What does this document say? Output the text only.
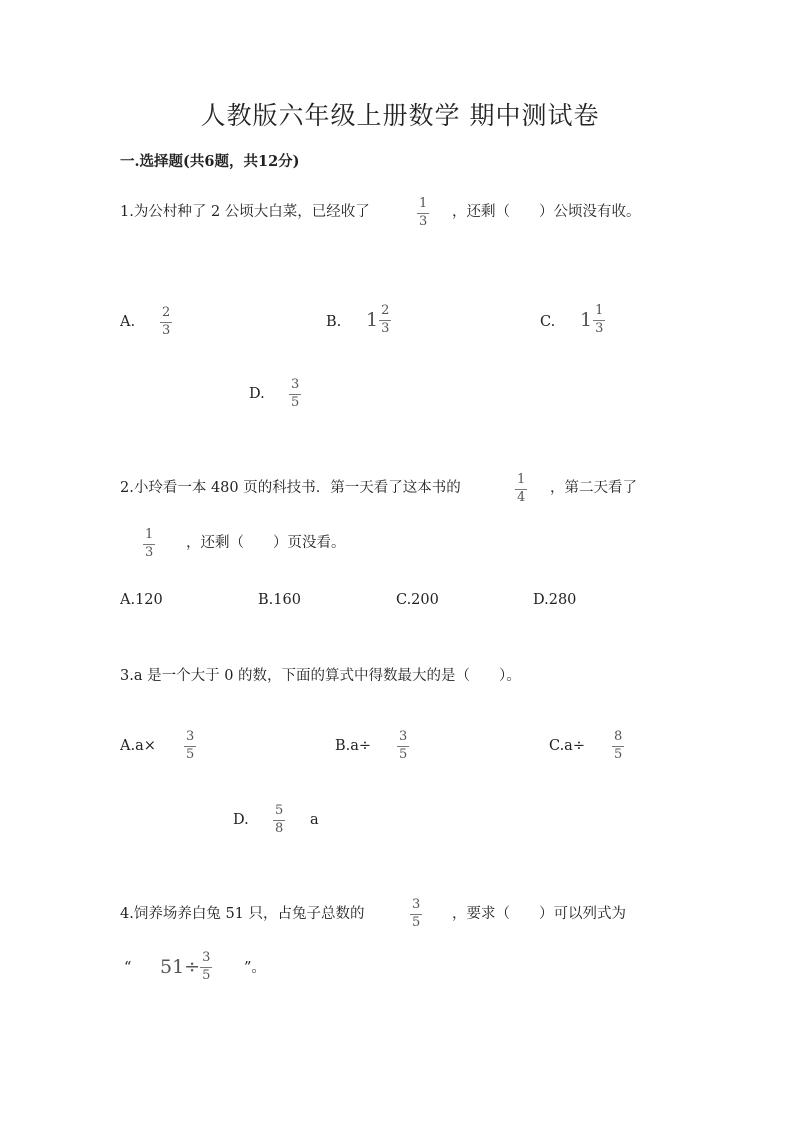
人教版六年级上册数学 期中测试卷
一.选择题(共6题，共12分)
1.为公村种了 2 公顷大白菜，已经收了	$\frac{1}{3}$ ，还剩（　　）公顷没有收。
A. $\frac{2}{3}$	B. $1 \frac{2}{3}$	C. $1 \frac{1}{3}$
D. $\frac{3}{5}$
2.小玲看一本 480 页的科技书．第一天看了这本书的	$\frac{1}{4}$ ，第二天看了
$\frac{1}{3}$ ，还剩（　　）页没看。
A.120	B.160	C.200	D.280
3.a 是一个大于 0 的数，下面的算式中得数最大的是（　　）。
$A.a\times \frac{3}{5}$	$B.a\div \frac{3}{5}$	$C.a\div \frac{8}{5}$
D. $\frac{5}{8}$ a
4.饲养场养白兔 51 只，占兔子总数的	$\frac{3}{5}$ ，要求（　　）可以列式为
“ $51\div \frac{3}{5}$ ”。
